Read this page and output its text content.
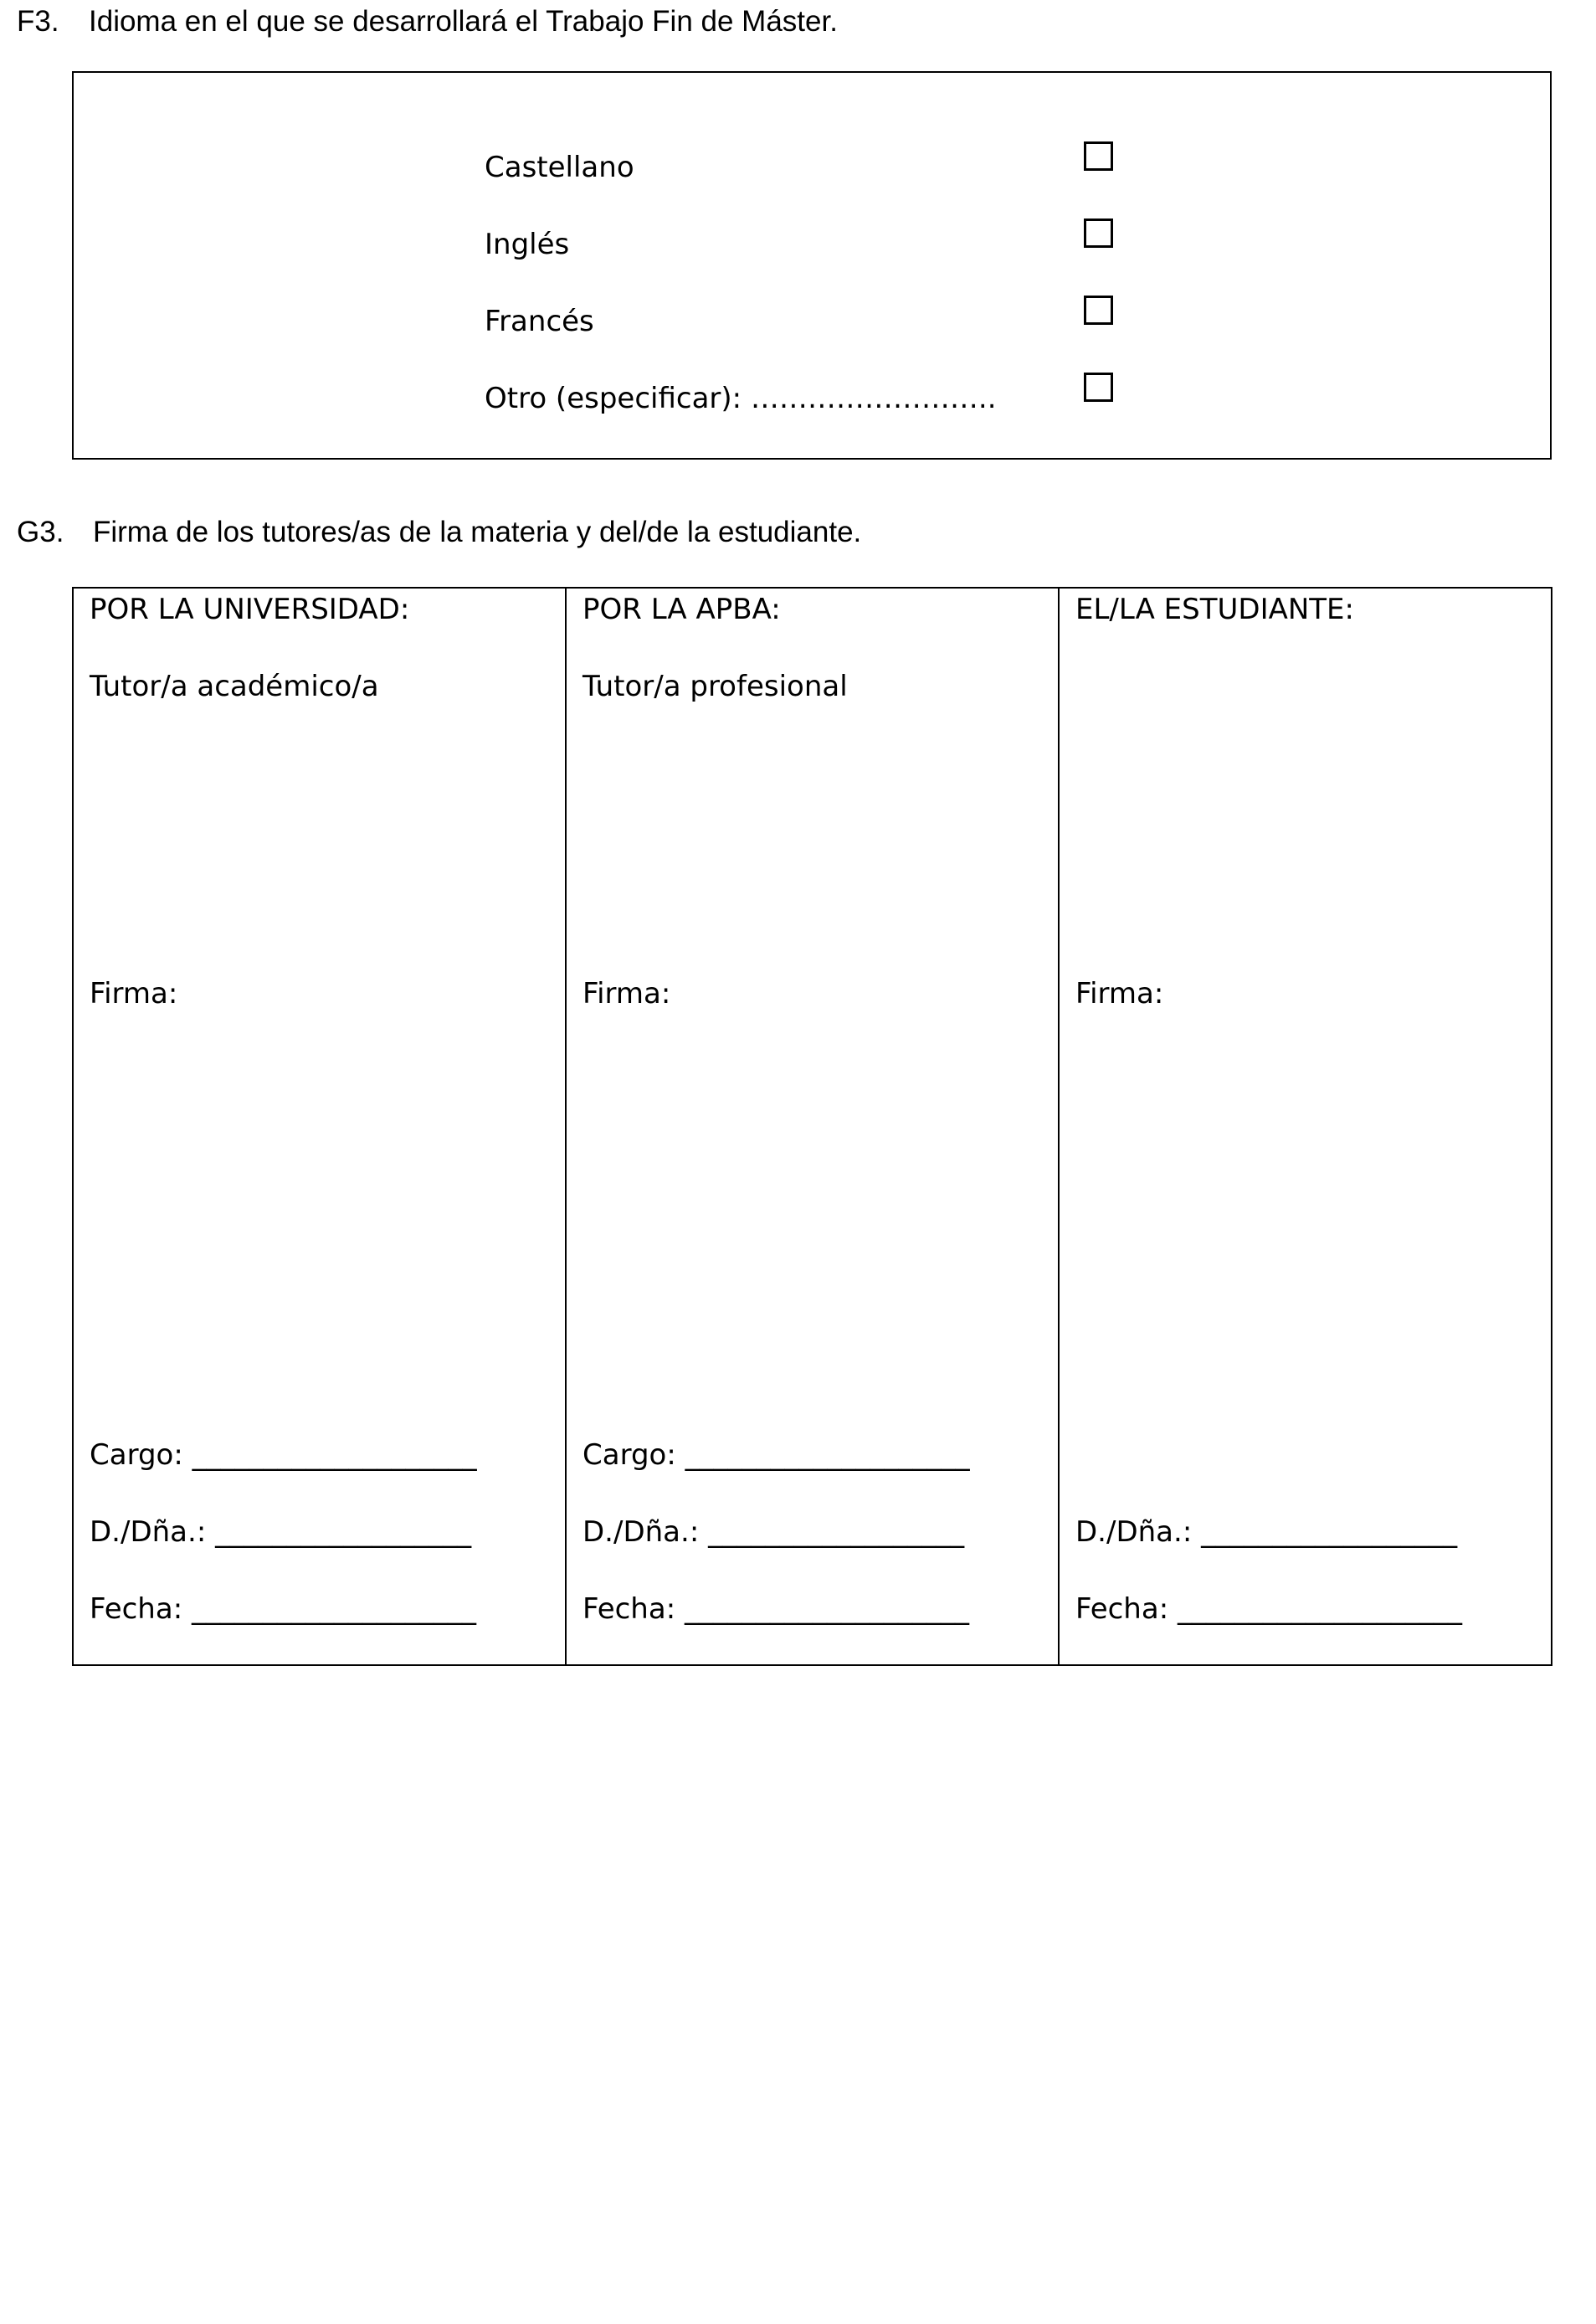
F3. Idioma en el que se desarrollará el Trabajo Fin de Máster.
Castellano
Inglés
Francés
Otro (especificar): ……………………..
G3. Firma de los tutores/as de la materia y del/de la estudiante.
POR LA UNIVERSIDAD:
Tutor/a académico/a
Firma:
Cargo: ____________________
D./Dña.: __________________
Fecha: ____________________
POR LA APBA:
Tutor/a profesional
Firma:
Cargo: ____________________
D./Dña.: __________________
Fecha: ____________________
EL/LA ESTUDIANTE:
Firma:
D./Dña.: __________________
Fecha: ____________________
